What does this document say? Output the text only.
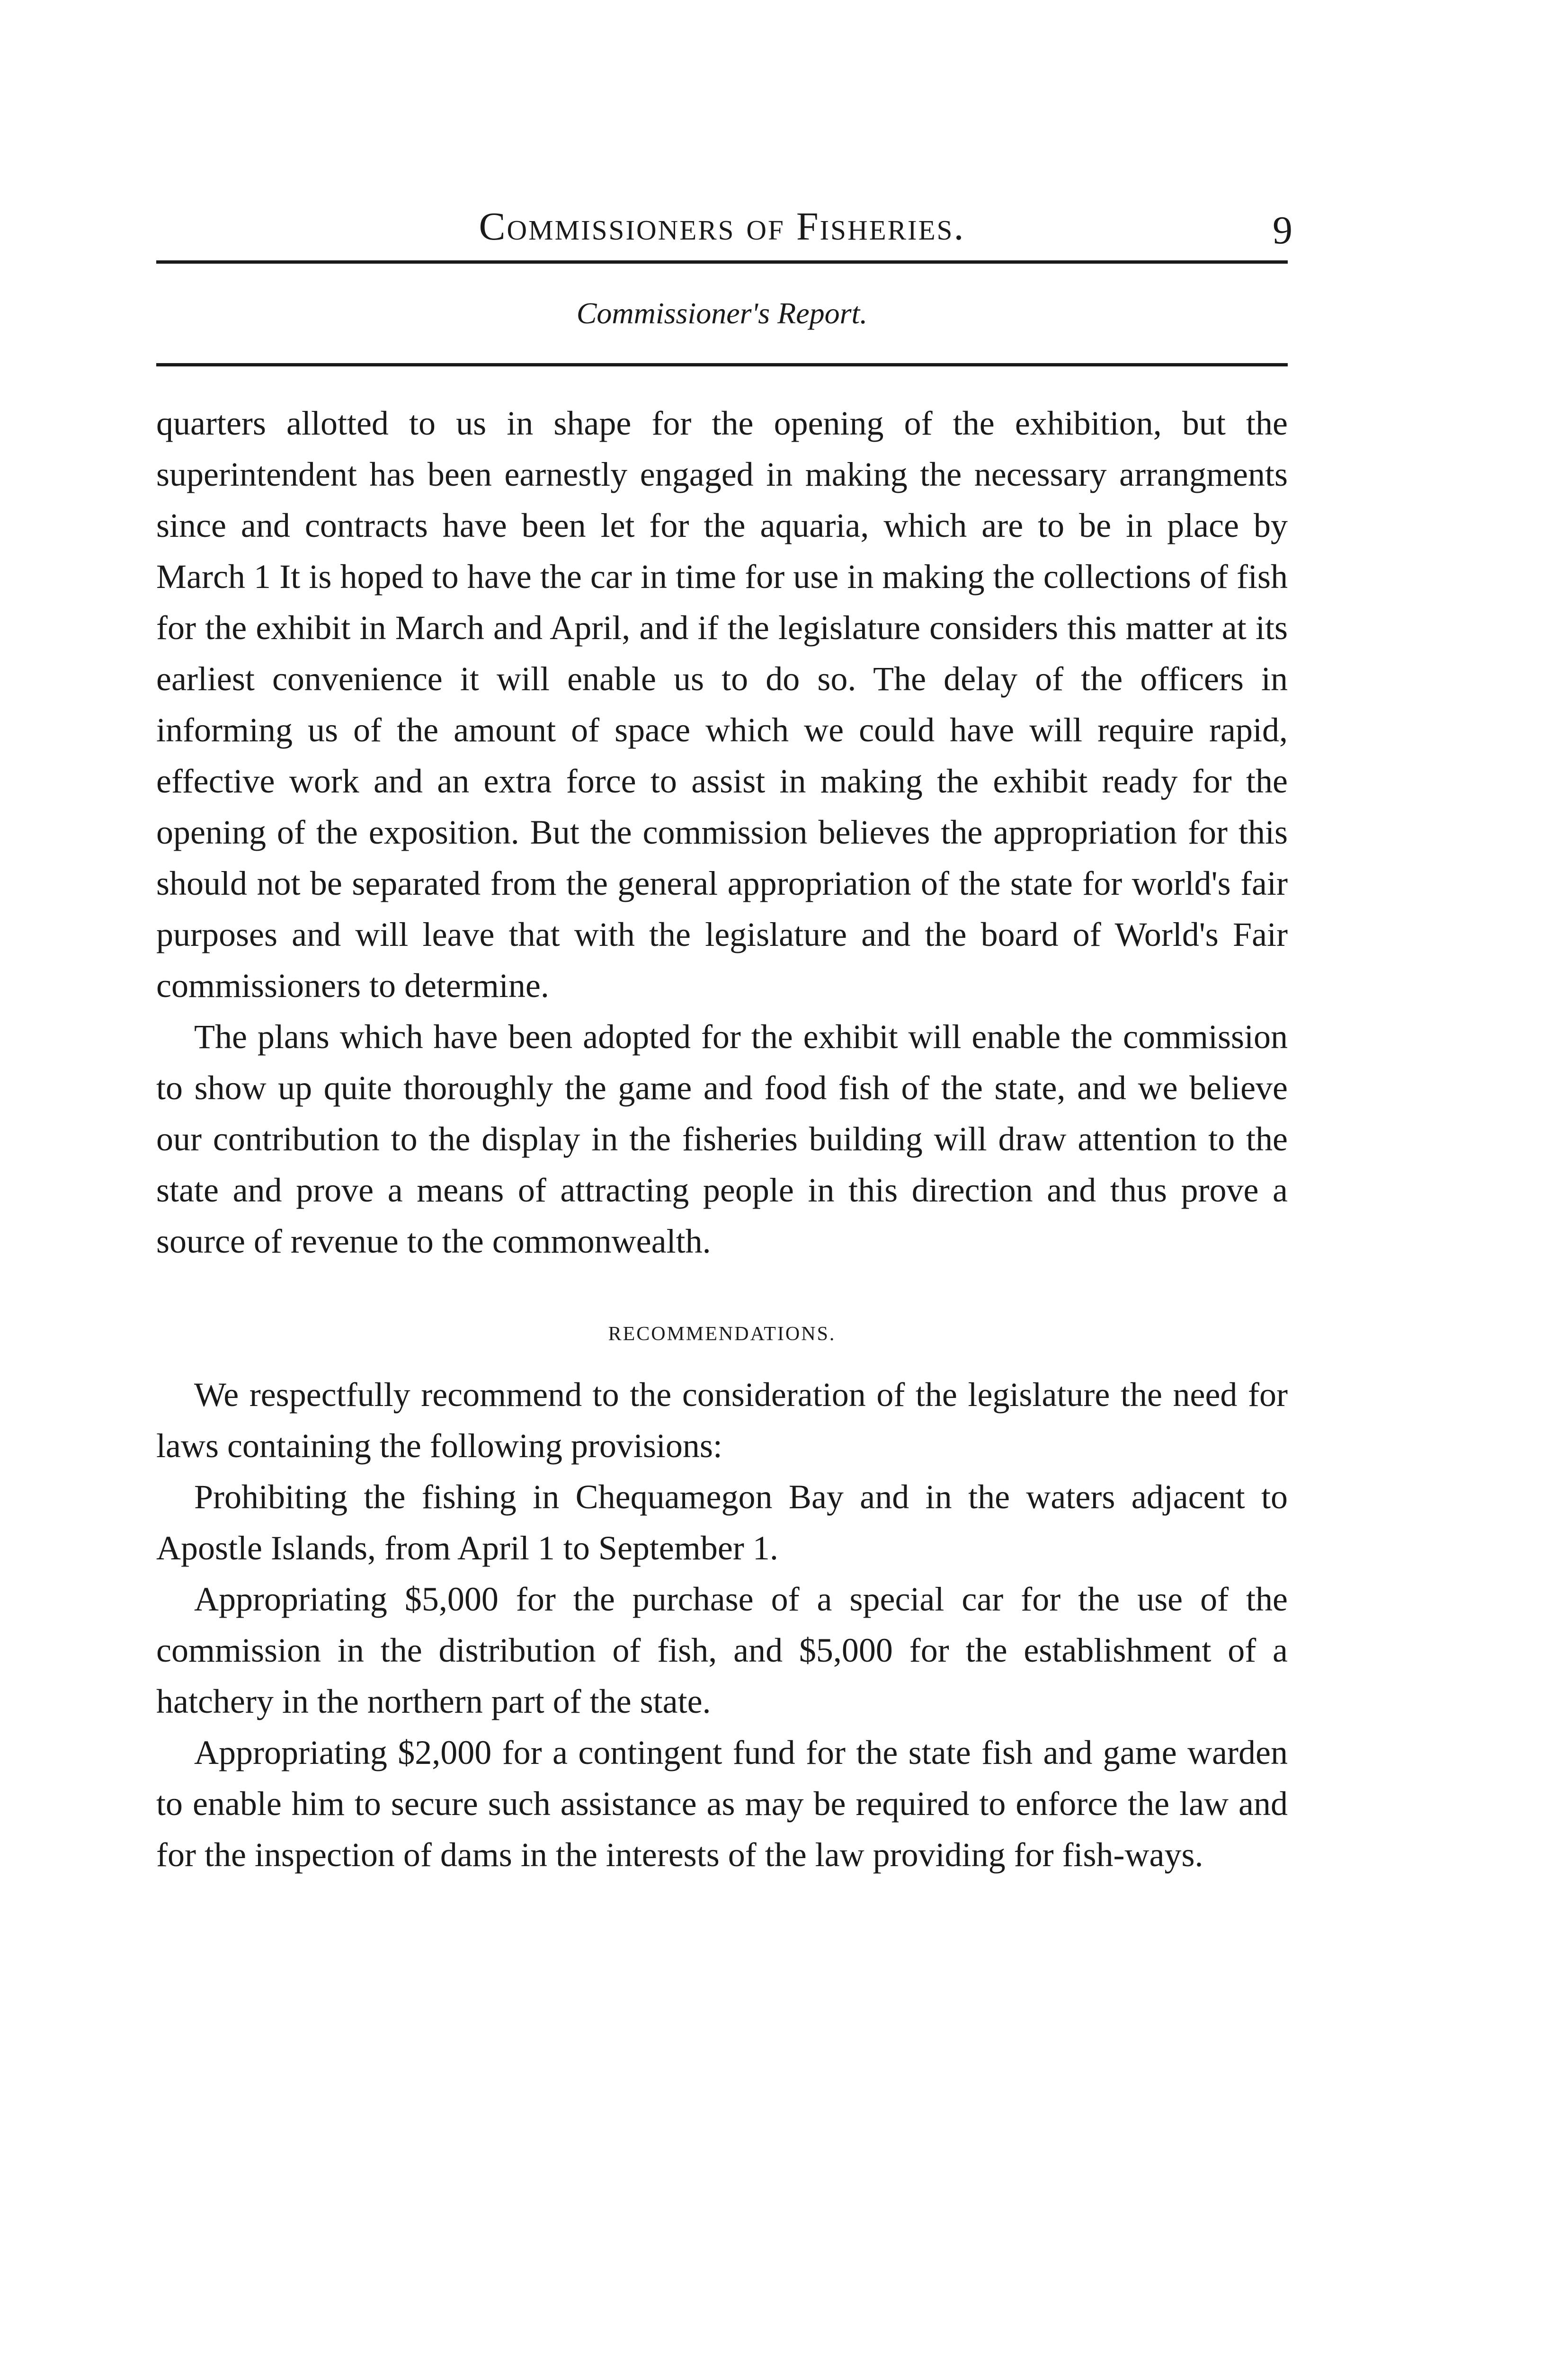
Commissioners of Fisheries.	9
Commissioner's Report.

quarters allotted to us in shape for the opening of the exhibition, but the superintendent has been earnestly engaged in making the necessary arrangments since and contracts have been let for the aquaria, which are to be in place by March 1 It is hoped to have the car in time for use in making the collections of fish for the exhibit in March and April, and if the legislature considers this matter at its earliest convenience it will enable us to do so. The delay of the officers in informing us of the amount of space which we could have will require rapid, effective work and an extra force to assist in making the exhibit ready for the opening of the exposition. But the commission believes the appropriation for this should not be separated from the general appropriation of the state for world's fair purposes and will leave that with the legislature and the board of World's Fair commissioners to determine.

The plans which have been adopted for the exhibit will enable the commission to show up quite thoroughly the game and food fish of the state, and we believe our contribution to the display in the fisheries building will draw attention to the state and prove a means of attracting people in this direction and thus prove a source of revenue to the commonwealth.

RECOMMENDATIONS.

We respectfully recommend to the consideration of the legislature the need for laws containing the following provisions:

Prohibiting the fishing in Chequamegon Bay and in the waters adjacent to Apostle Islands, from April 1 to September 1.

Appropriating $5,000 for the purchase of a special car for the use of the commission in the distribution of fish, and $5,000 for the establishment of a hatchery in the northern part of the state.

Appropriating $2,000 for a contingent fund for the state fish and game warden to enable him to secure such assistance as may be required to enforce the law and for the inspection of dams in the interests of the law providing for fish-ways.
